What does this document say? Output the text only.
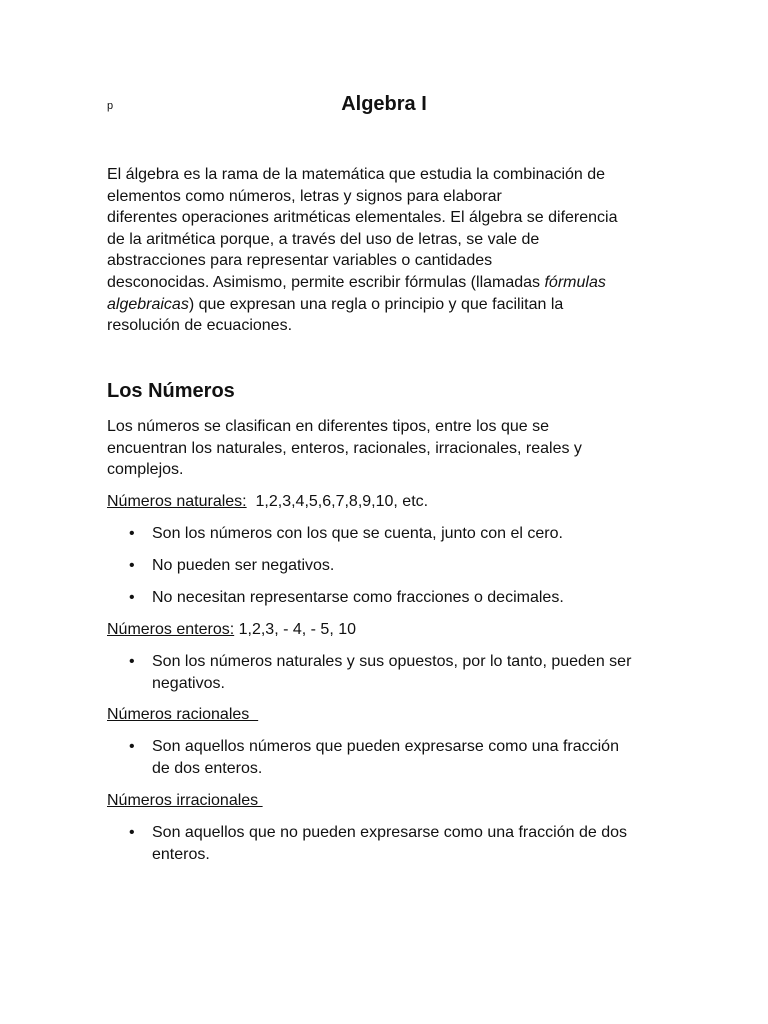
p	Algebra I

El álgebra es la rama de la matemática que estudia la combinación de
elementos como números, letras y signos para elaborar
diferentes operaciones aritméticas elementales. El álgebra se diferencia
de la aritmética porque, a través del uso de letras, se vale de
abstracciones para representar variables o cantidades
desconocidas. Asimismo, permite escribir fórmulas (llamadas fórmulas
algebraicas) que expresan una regla o principio y que facilitan la
resolución de ecuaciones.

Los Números

Los números se clasifican en diferentes tipos, entre los que se
encuentran los naturales, enteros, racionales, irracionales, reales y
complejos.

Números naturales:  1,2,3,4,5,6,7,8,9,10, etc.

• Son los números con los que se cuenta, junto con el cero.
• No pueden ser negativos.
• No necesitan representarse como fracciones o decimales.

Números enteros: 1,2,3, - 4, - 5, 10

• Son los números naturales y sus opuestos, por lo tanto, pueden ser
negativos.

Números racionales

• Son aquellos números que pueden expresarse como una fracción
de dos enteros.

Números irracionales

• Son aquellos que no pueden expresarse como una fracción de dos
enteros.
